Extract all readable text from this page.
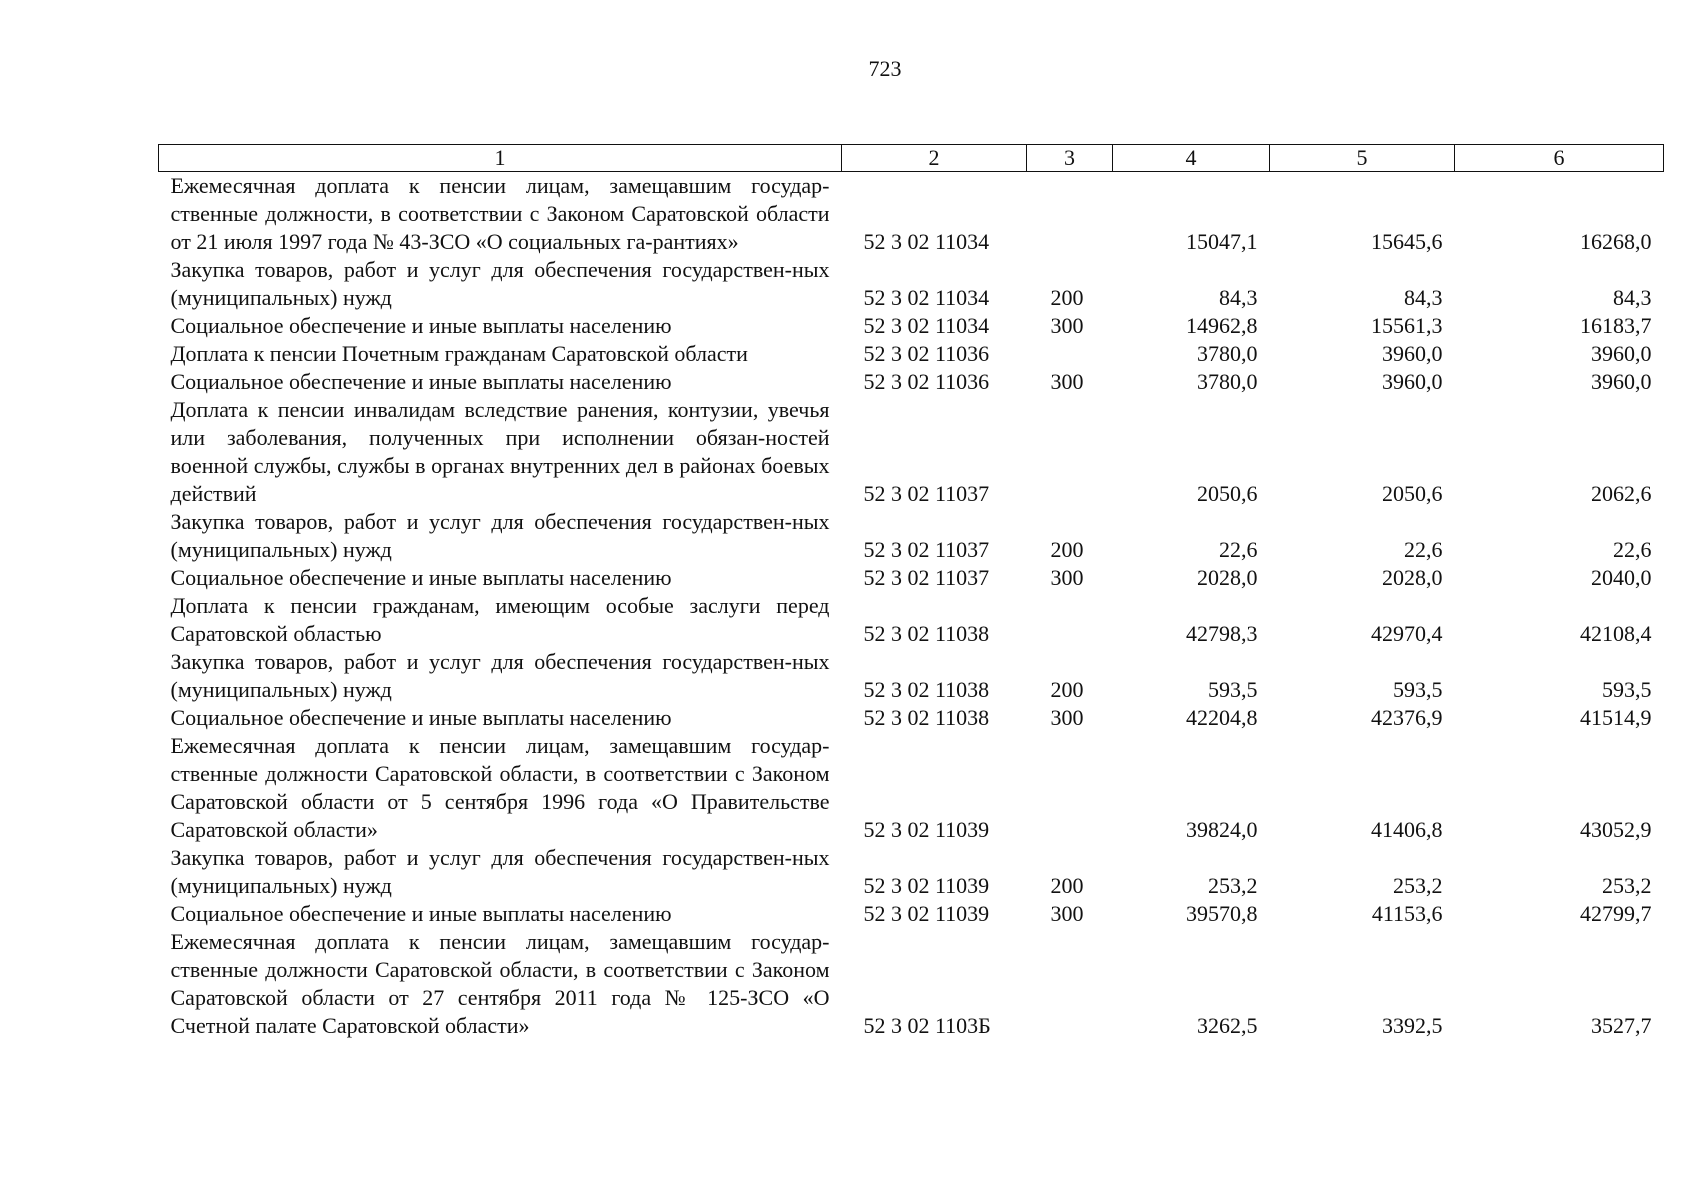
723
1	2	3	4	5	6
Ежемесячная доплата к пенсии лицам, замещавшим государ-ственные должности, в соответствии с Законом Саратовской области от 21 июля 1997 года № 43-ЗСО «О социальных га-рантиях»	52 3 02 11034		15047,1	15645,6	16268,0
Закупка товаров, работ и услуг для обеспечения государствен-ных (муниципальных) нужд	52 3 02 11034	200	84,3	84,3	84,3
Социальное обеспечение и иные выплаты населению	52 3 02 11034	300	14962,8	15561,3	16183,7
Доплата к пенсии Почетным гражданам Саратовской области	52 3 02 11036		3780,0	3960,0	3960,0
Социальное обеспечение и иные выплаты населению	52 3 02 11036	300	3780,0	3960,0	3960,0
Доплата к пенсии инвалидам вследствие ранения, контузии, увечья или заболевания, полученных при исполнении обязан-ностей военной службы, службы в органах внутренних дел в районах боевых действий	52 3 02 11037		2050,6	2050,6	2062,6
Закупка товаров, работ и услуг для обеспечения государствен-ных (муниципальных) нужд	52 3 02 11037	200	22,6	22,6	22,6
Социальное обеспечение и иные выплаты населению	52 3 02 11037	300	2028,0	2028,0	2040,0
Доплата к пенсии гражданам, имеющим особые заслуги перед Саратовской областью	52 3 02 11038		42798,3	42970,4	42108,4
Закупка товаров, работ и услуг для обеспечения государствен-ных (муниципальных) нужд	52 3 02 11038	200	593,5	593,5	593,5
Социальное обеспечение и иные выплаты населению	52 3 02 11038	300	42204,8	42376,9	41514,9
Ежемесячная доплата к пенсии лицам, замещавшим государ-ственные должности Саратовской области, в соответствии с Законом Саратовской области от 5 сентября 1996 года «О Правительстве Саратовской области»	52 3 02 11039		39824,0	41406,8	43052,9
Закупка товаров, работ и услуг для обеспечения государствен-ных (муниципальных) нужд	52 3 02 11039	200	253,2	253,2	253,2
Социальное обеспечение и иные выплаты населению	52 3 02 11039	300	39570,8	41153,6	42799,7
Ежемесячная доплата к пенсии лицам, замещавшим государ-ственные должности Саратовской области, в соответствии с Законом Саратовской области от 27 сентября 2011 года № 125-ЗСО «О Счетной палате Саратовской области»	52 3 02 1103Б		3262,5	3392,5	3527,7
